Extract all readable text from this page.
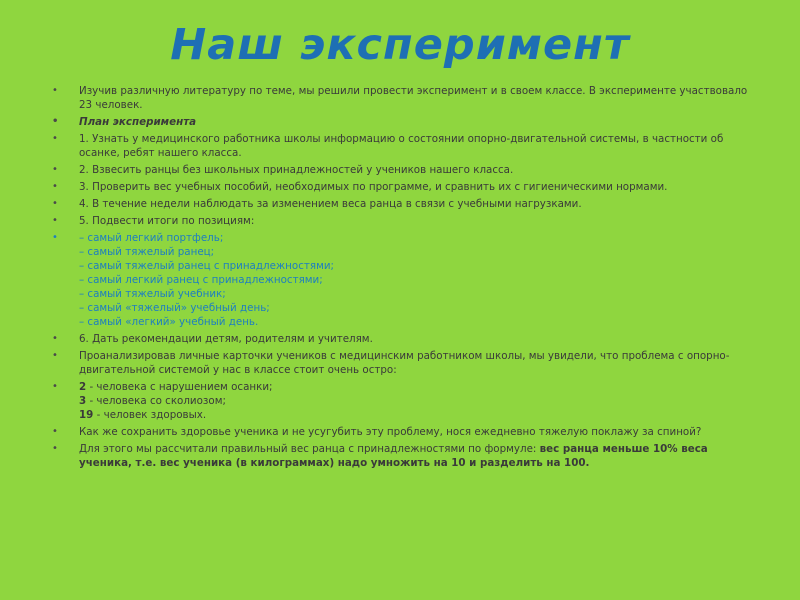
Наш эксперимент
• Изучив различную литературу по теме, мы решили провести эксперимент и в своем классе. В эксперименте участвовало 23 человек.
• План эксперимента
• 1. Узнать у медицинского работника школы информацию о состоянии опорно-двигательной системы, в частности об осанке, ребят нашего класса.
• 2. Взвесить ранцы без школьных принадлежностей у учеников нашего класса.
• 3. Проверить вес учебных пособий, необходимых по программе, и сравнить их с гигиеническими нормами.
• 4. В течение недели наблюдать за изменением веса ранца в связи с учебными нагрузками.
• 5. Подвести итоги по позициям:
• – самый легкий портфель;
– самый тяжелый ранец;
– самый тяжелый ранец с принадлежностями;
– самый легкий ранец с принадлежностями;
– самый тяжелый учебник;
– самый «тяжелый» учебный день;
– самый «легкий» учебный день.
• 6. Дать рекомендации детям, родителям и учителям.
• Проанализировав личные карточки учеников с медицинским работником школы, мы увидели, что проблема с опорно-двигательной системой у нас в классе стоит очень остро:
• 2 - человека с нарушением осанки;
3 - человека со сколиозом;
19 - человек здоровых.
• Как же сохранить здоровье ученика и не усугубить эту проблему, нося ежедневно тяжелую поклажу за спиной?
• Для этого мы рассчитали правильный вес ранца с принадлежностями по формуле: вес ранца меньше 10% веса ученика, т.е. вес ученика (в килограммах) надо умножить на 10 и разделить на 100.
